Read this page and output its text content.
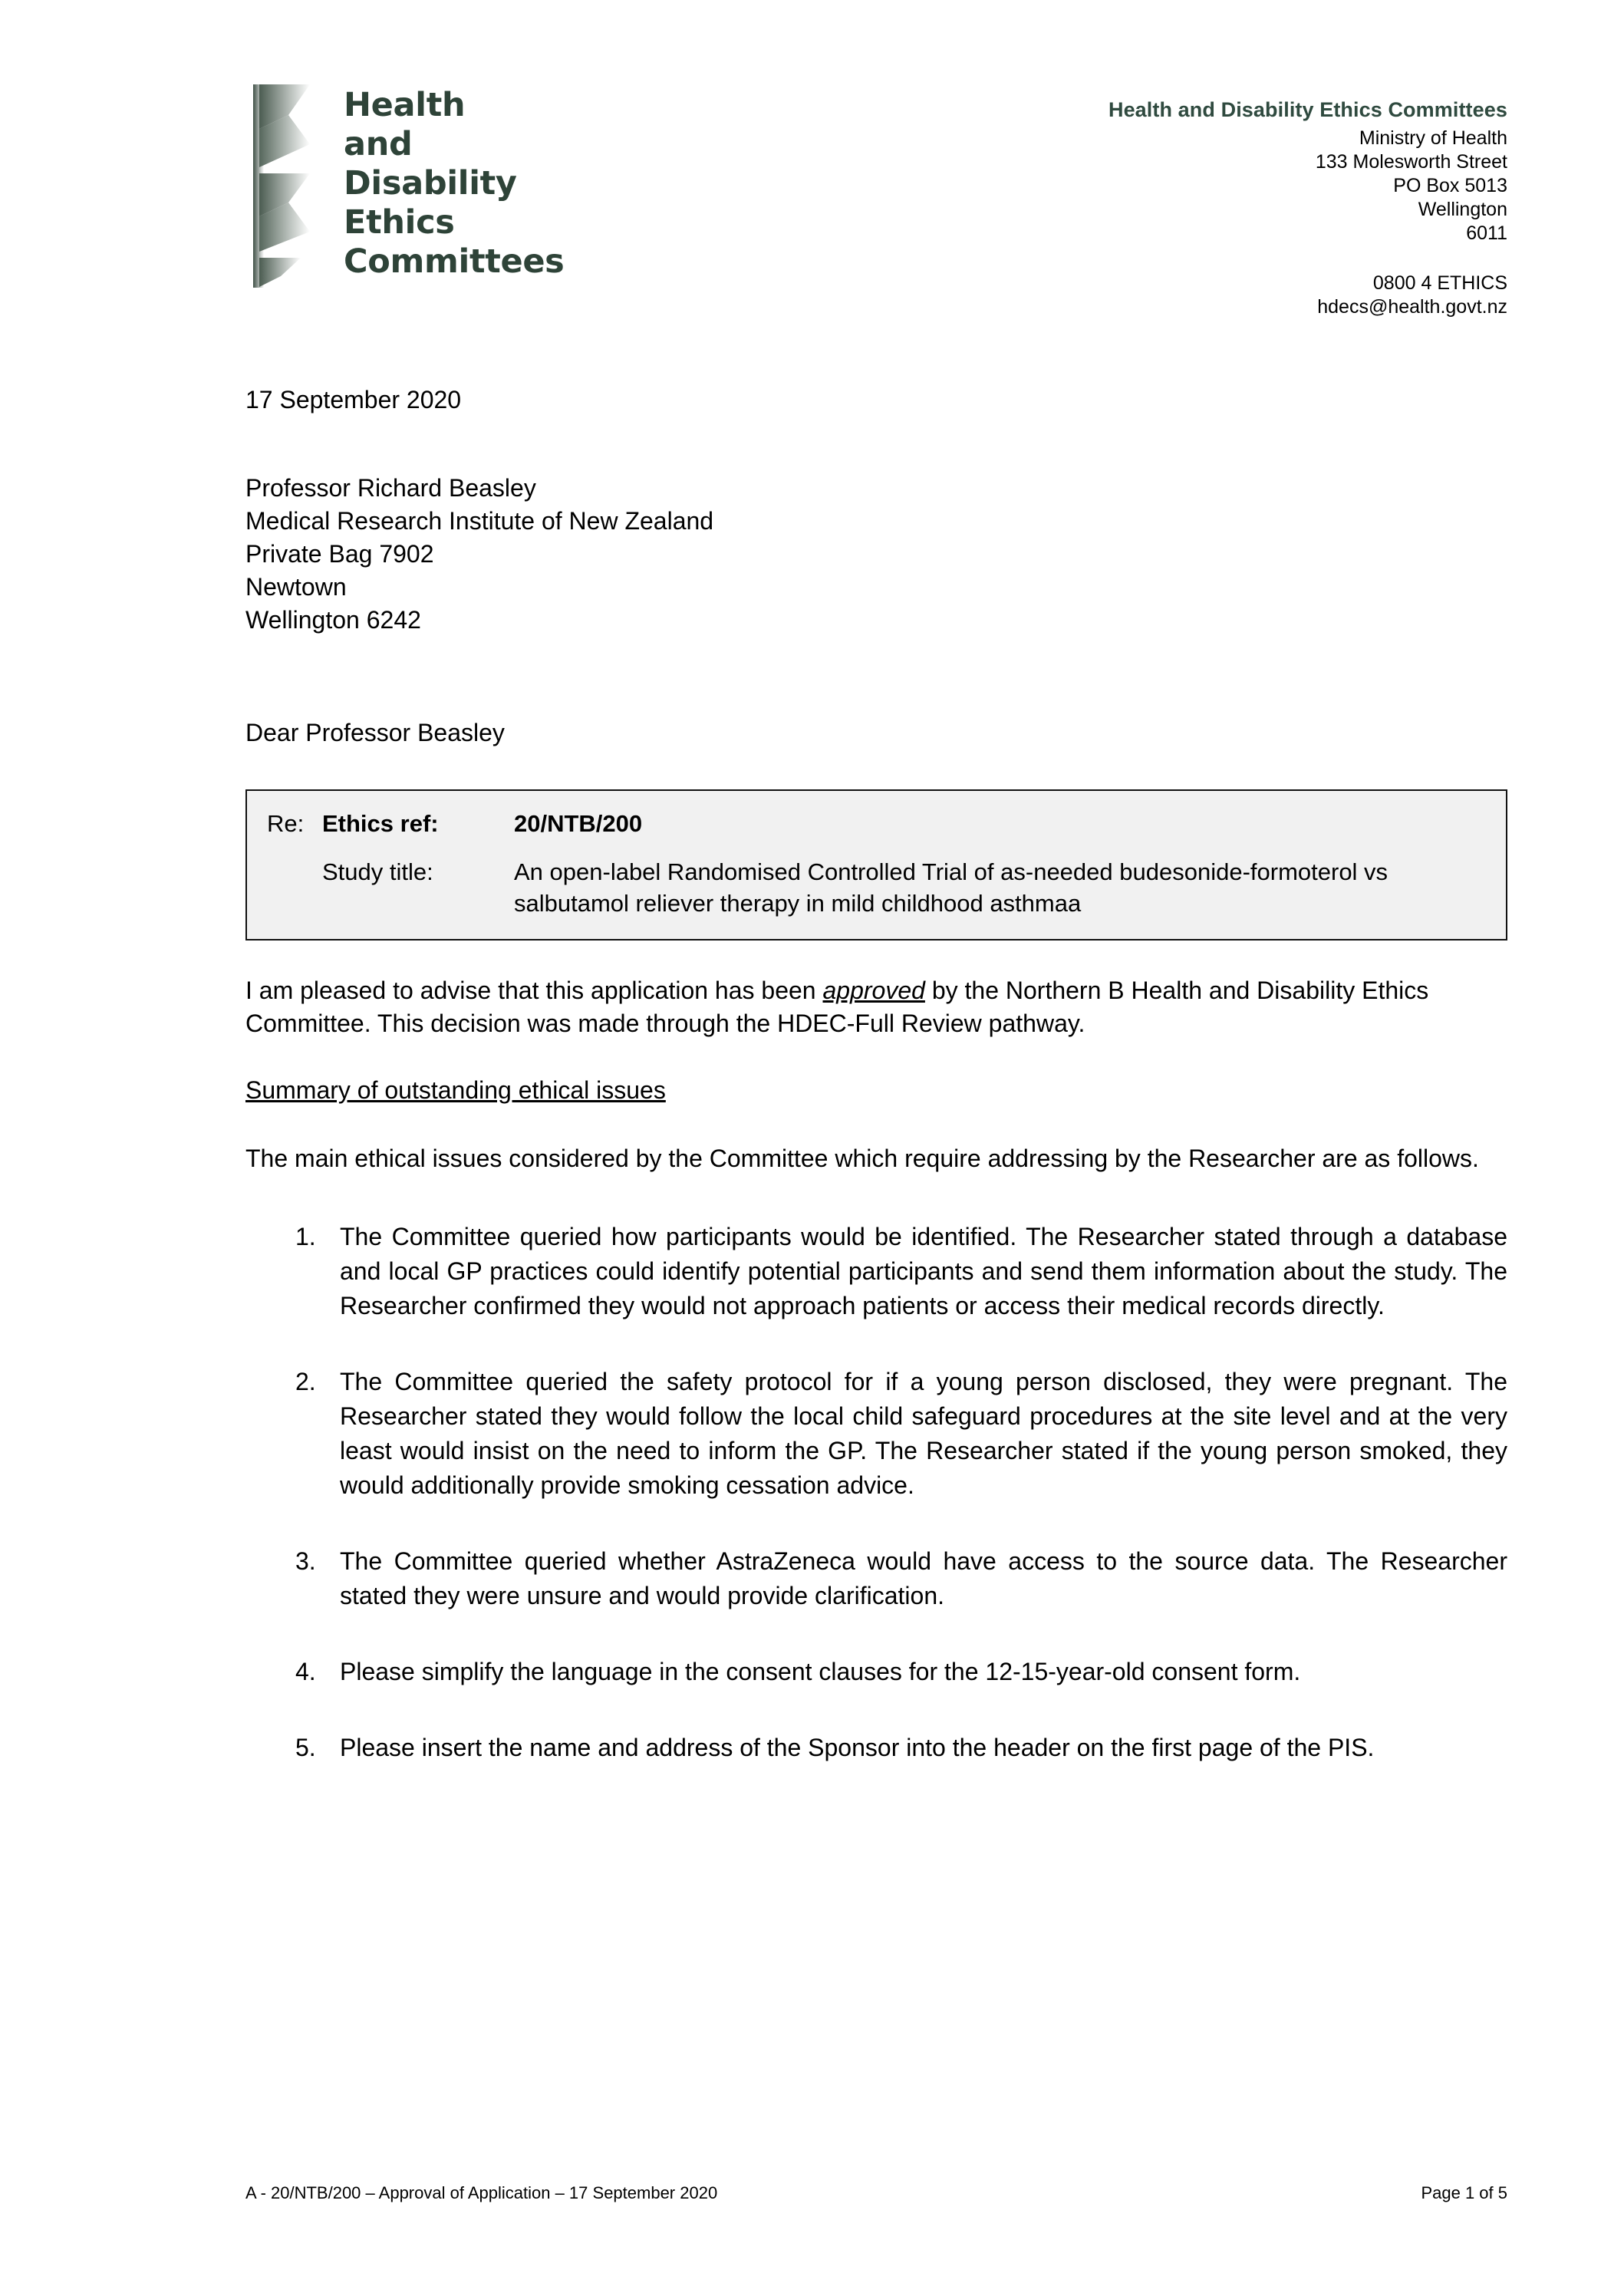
Health
and
Disability
Ethics
Committees
Health and Disability Ethics Committees
Ministry of Health
133 Molesworth Street
PO Box 5013
Wellington
6011
0800 4 ETHICS
hdecs@health.govt.nz
17 September 2020
Professor Richard Beasley
Medical Research Institute of New Zealand
Private Bag 7902
Newtown
Wellington 6242
Dear Professor Beasley
Re: Ethics ref:	20/NTB/200
Study title:	An open-label Randomised Controlled Trial of as-needed budesonide-formoterol vs salbutamol reliever therapy in mild childhood asthmaa
I am pleased to advise that this application has been approved by the Northern B Health and Disability Ethics Committee. This decision was made through the HDEC-Full Review pathway.
Summary of outstanding ethical issues
The main ethical issues considered by the Committee which require addressing by the Researcher are as follows.
1. The Committee queried how participants would be identified. The Researcher stated through a database and local GP practices could identify potential participants and send them information about the study. The Researcher confirmed they would not approach patients or access their medical records directly.
2. The Committee queried the safety protocol for if a young person disclosed, they were pregnant. The Researcher stated they would follow the local child safeguard procedures at the site level and at the very least would insist on the need to inform the GP. The Researcher stated if the young person smoked, they would additionally provide smoking cessation advice.
3. The Committee queried whether AstraZeneca would have access to the source data. The Researcher stated they were unsure and would provide clarification.
4. Please simplify the language in the consent clauses for the 12-15-year-old consent form.
5. Please insert the name and address of the Sponsor into the header on the first page of the PIS.
A - 20/NTB/200 – Approval of Application – 17 September 2020	Page 1 of 5
